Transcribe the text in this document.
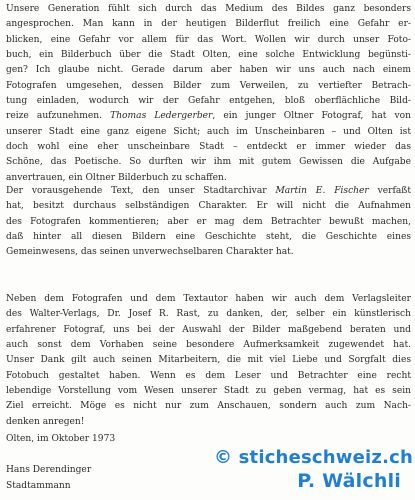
Unsere Generation fühlt sich durch das Medium des Bildes ganz besonders
angesprochen. Man kann in der heutigen Bilderflut freilich eine Gefahr er-
blicken, eine Gefahr vor allem für das Wort. Wollen wir durch unser Foto-
buch, ein Bilderbuch über die Stadt Olten, eine solche Entwicklung begünsti-
gen? Ich glaube nicht. Gerade darum aber haben wir uns auch nach einem
Fotografen umgesehen, dessen Bilder zum Verweilen, zu vertiefter Betrach-
tung einladen, wodurch wir der Gefahr entgehen, bloß oberflächliche Bild-
reize aufzunehmen. Thomas Ledergerber, ein junger Oltner Fotograf, hat von
unserer Stadt eine ganz eigene Sicht; auch im Unscheinbaren – und Olten ist
doch wohl eine eher unscheinbare Stadt – entdeckt er immer wieder das
Schöne, das Poetische. So durften wir ihm mit gutem Gewissen die Aufgabe
anvertrauen, ein Oltner Bilderbuch zu schaffen.
Der vorausgehende Text, den unser Stadtarchivar Martin E. Fischer verfaßt
hat, besitzt durchaus selbständigen Charakter. Er will nicht die Aufnahmen
des Fotografen kommentieren; aber er mag dem Betrachter bewußt machen,
daß hinter all diesen Bildern eine Geschichte steht, die Geschichte eines
Gemeinwesens, das seinen unverwechselbaren Charakter hat.
Neben dem Fotografen und dem Textautor haben wir auch dem Verlagsleiter
des Walter-Verlags, Dr. Josef R. Rast, zu danken, der, selber ein künstlerisch
erfahrener Fotograf, uns bei der Auswahl der Bilder maßgebend beraten und
auch sonst dem Vorhaben seine besondere Aufmerksamkeit zugewendet hat.
Unser Dank gilt auch seinen Mitarbeitern, die mit viel Liebe und Sorgfalt dies
Fotobuch gestaltet haben. Wenn es dem Leser und Betrachter eine recht
lebendige Vorstellung vom Wesen unserer Stadt zu geben vermag, hat es sein
Ziel erreicht. Möge es nicht nur zum Anschauen, sondern auch zum Nach-
denken anregen!
Olten, im Oktober 1973
Hans Derendinger
Stadtammann
© sticheschweiz.ch
P. Wälchli
